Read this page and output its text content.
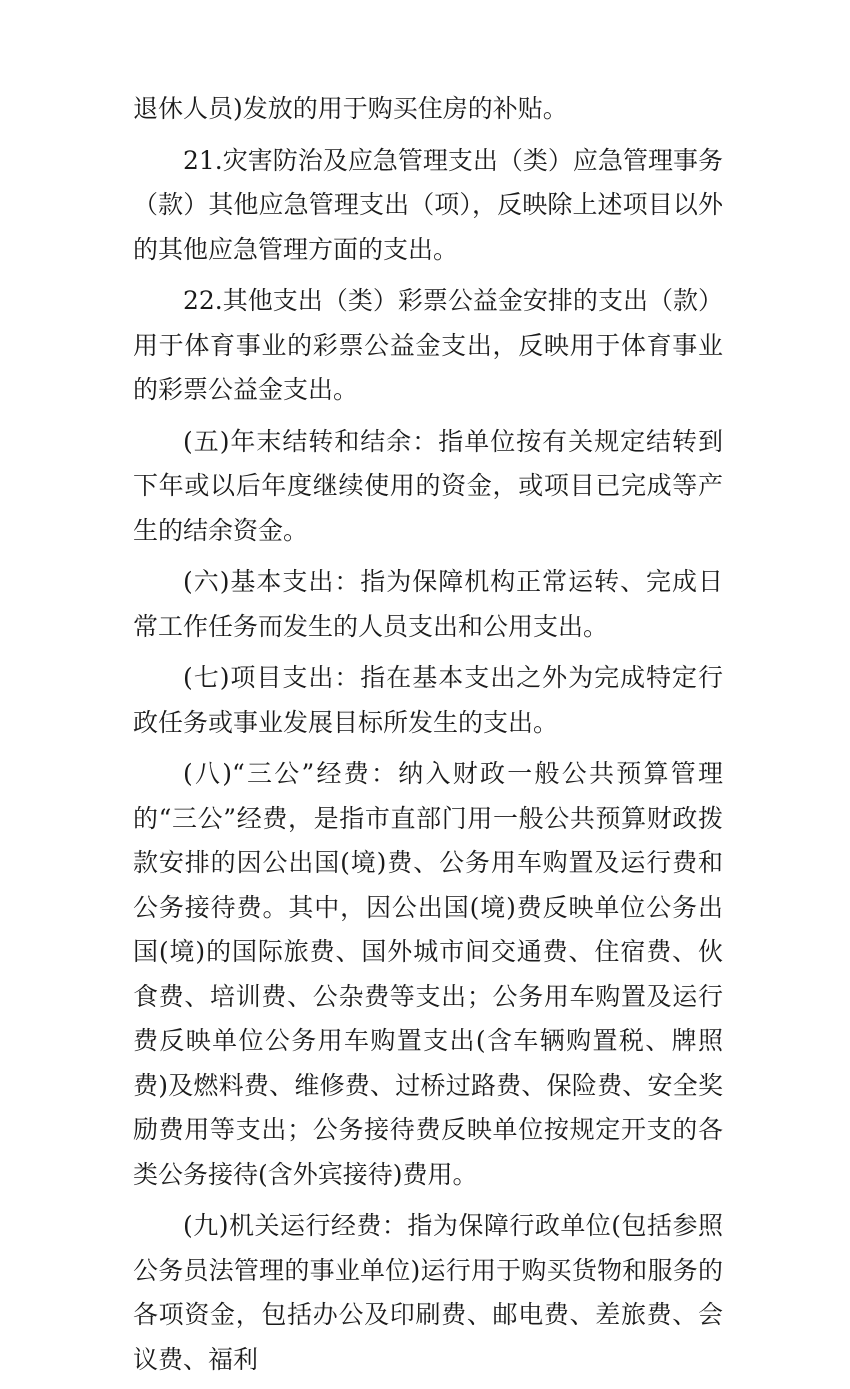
退休人员)发放的用于购买住房的补贴。

21.灾害防治及应急管理支出（类）应急管理事务（款）其他应急管理支出（项），反映除上述项目以外的其他应急管理方面的支出。

22.其他支出（类）彩票公益金安排的支出（款）用于体育事业的彩票公益金支出，反映用于体育事业的彩票公益金支出。

(五)年末结转和结余：指单位按有关规定结转到下年或以后年度继续使用的资金，或项目已完成等产生的结余资金。

(六)基本支出：指为保障机构正常运转、完成日常工作任务而发生的人员支出和公用支出。

(七)项目支出：指在基本支出之外为完成特定行政任务或事业发展目标所发生的支出。

(八)“三公”经费：纳入财政一般公共预算管理的“三公”经费，是指市直部门用一般公共预算财政拨款安排的因公出国(境)费、公务用车购置及运行费和公务接待费。其中，因公出国(境)费反映单位公务出国(境)的国际旅费、国外城市间交通费、住宿费、伙食费、培训费、公杂费等支出；公务用车购置及运行费反映单位公务用车购置支出(含车辆购置税、牌照费)及燃料费、维修费、过桥过路费、保险费、安全奖励费用等支出；公务接待费反映单位按规定开支的各类公务接待(含外宾接待)费用。

(九)机关运行经费：指为保障行政单位(包括参照公务员法管理的事业单位)运行用于购买货物和服务的各项资金，包括办公及印刷费、邮电费、差旅费、会议费、福利
